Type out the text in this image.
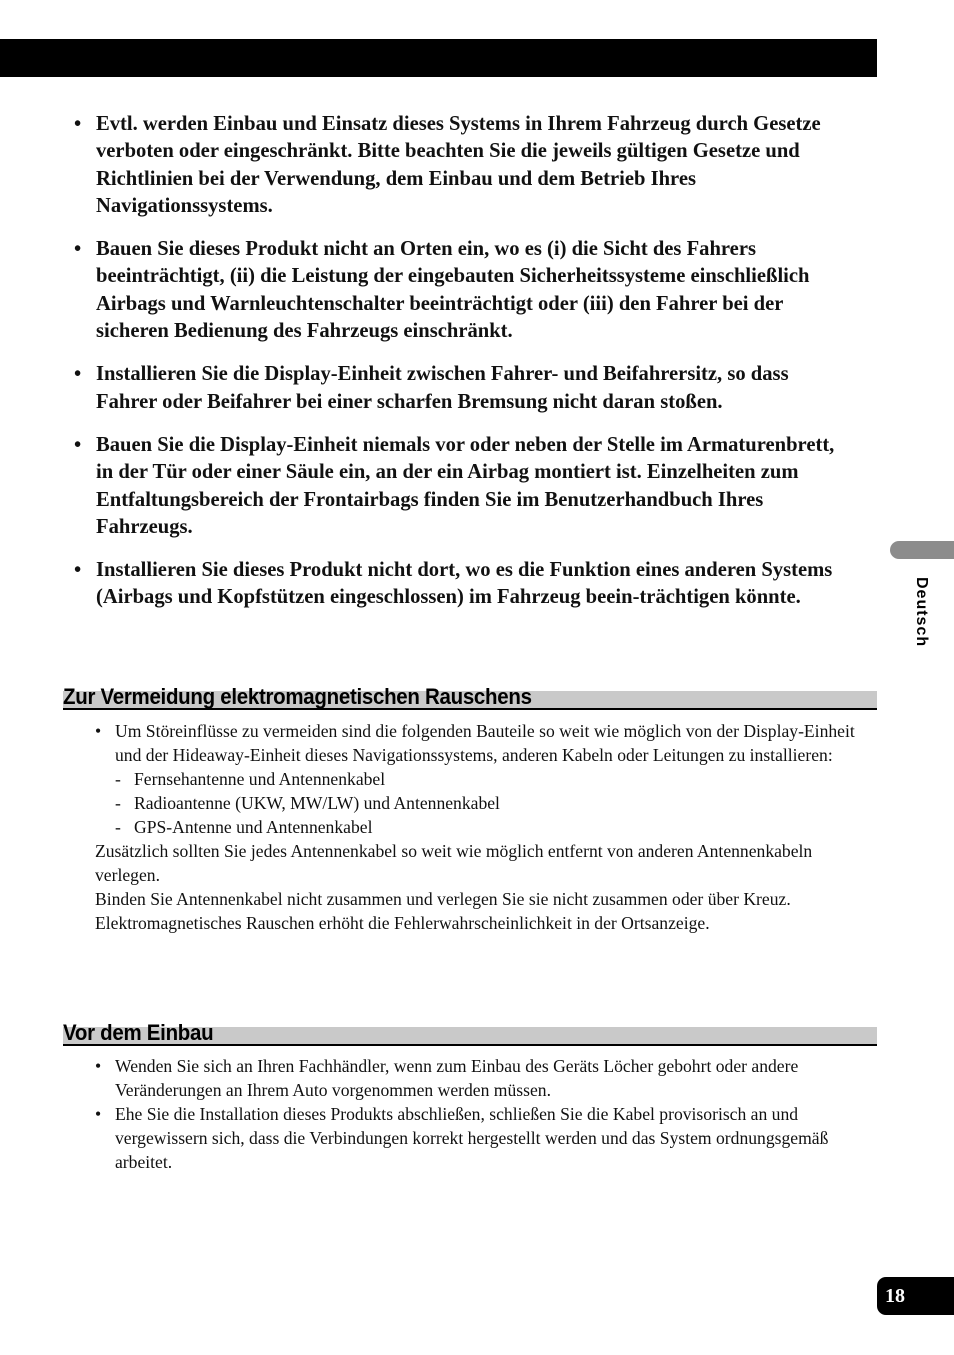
• Evtl. werden Einbau und Einsatz dieses Systems in Ihrem Fahrzeug durch Gesetze verboten oder eingeschränkt. Bitte beachten Sie die jeweils gültigen Gesetze und Richtlinien bei der Verwendung, dem Einbau und dem Betrieb Ihres Navigationssystems.
• Bauen Sie dieses Produkt nicht an Orten ein, wo es (i) die Sicht des Fahrers beeinträchtigt, (ii) die Leistung der eingebauten Sicherheitssysteme einschließlich Airbags und Warnleuchtenschalter beeinträchtigt oder (iii) den Fahrer bei der sicheren Bedienung des Fahrzeugs einschränkt.
• Installieren Sie die Display-Einheit zwischen Fahrer- und Beifahrersitz, so dass Fahrer oder Beifahrer bei einer scharfen Bremsung nicht daran stoßen.
• Bauen Sie die Display-Einheit niemals vor oder neben der Stelle im Armaturenbrett, in der Tür oder einer Säule ein, an der ein Airbag montiert ist. Einzelheiten zum Entfaltungsbereich der Frontairbags finden Sie im Benutzerhandbuch Ihres Fahrzeugs.
• Installieren Sie dieses Produkt nicht dort, wo es die Funktion eines anderen Systems (Airbags und Kopfstützen eingeschlossen) im Fahrzeug beein-trächtigen könnte.
Zur Vermeidung elektromagnetischen Rauschens
• Um Störeinflüsse zu vermeiden sind die folgenden Bauteile so weit wie möglich von der Display-Einheit und der Hideaway-Einheit dieses Navigationssystems, anderen Kabeln oder Leitungen zu installieren:
- Fernsehantenne und Antennenkabel
- Radioantenne (UKW, MW/LW) und Antennenkabel
- GPS-Antenne und Antennenkabel
Zusätzlich sollten Sie jedes Antennenkabel so weit wie möglich entfernt von anderen Antennenkabeln verlegen.
Binden Sie Antennenkabel nicht zusammen und verlegen Sie sie nicht zusammen oder über Kreuz.
Elektromagnetisches Rauschen erhöht die Fehlerwahrscheinlichkeit in der Ortsanzeige.
Vor dem Einbau
• Wenden Sie sich an Ihren Fachhändler, wenn zum Einbau des Geräts Löcher gebohrt oder andere Veränderungen an Ihrem Auto vorgenommen werden müssen.
• Ehe Sie die Installation dieses Produkts abschließen, schließen Sie die Kabel provisorisch an und vergewissern sich, dass die Verbindungen korrekt hergestellt werden und das System ordnungsgemäß arbeitet.
Deutsch
18
